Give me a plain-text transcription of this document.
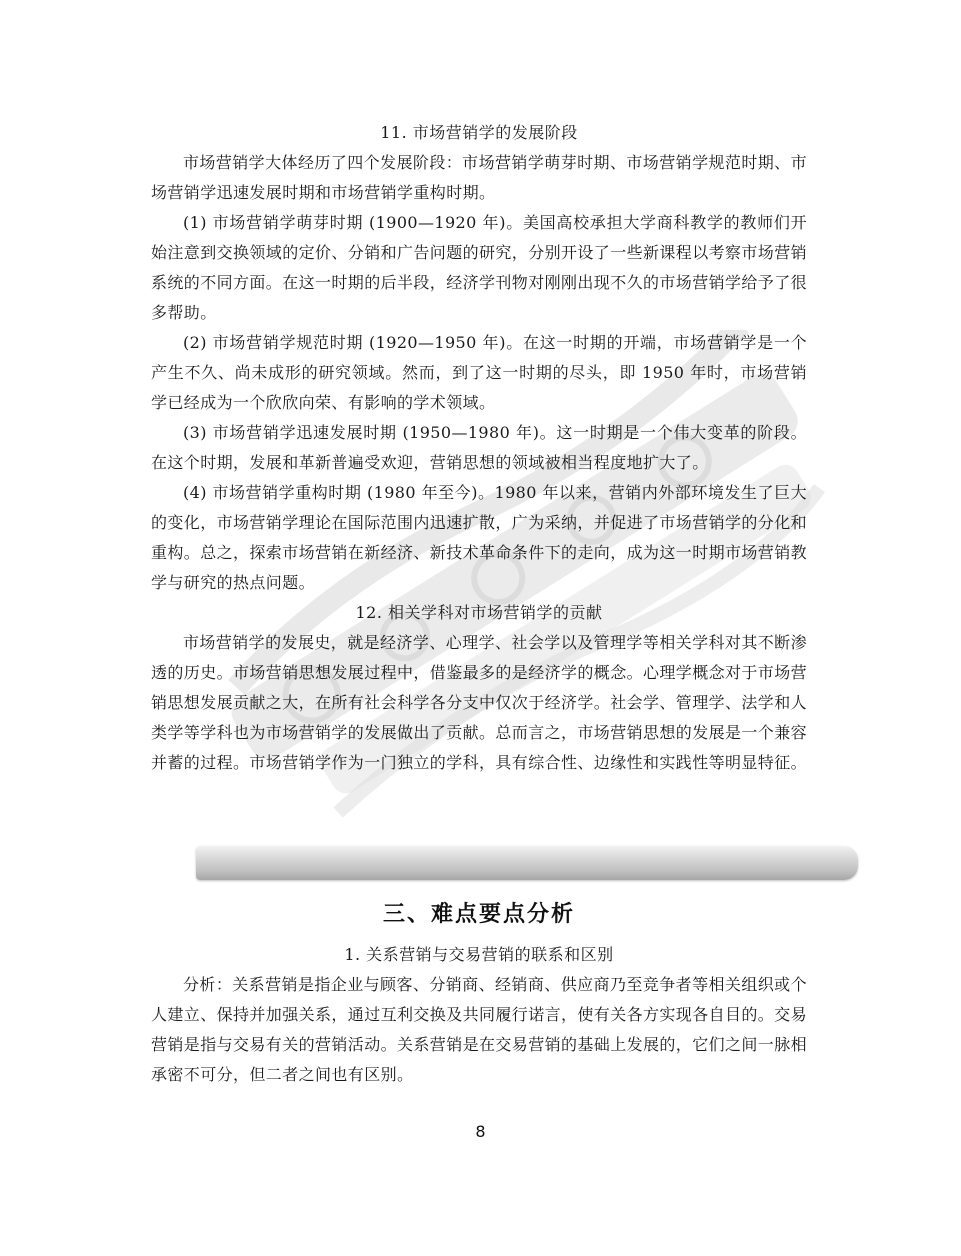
11. 市场营销学的发展阶段

市场营销学大体经历了四个发展阶段：市场营销学萌芽时期、市场营销学规范时期、市场营销学迅速发展时期和市场营销学重构时期。

(1) 市场营销学萌芽时期 (1900—1920 年)。美国高校承担大学商科教学的教师们开始注意到交换领域的定价、分销和广告问题的研究，分别开设了一些新课程以考察市场营销系统的不同方面。在这一时期的后半段，经济学刊物对刚刚出现不久的市场营销学给予了很多帮助。

(2) 市场营销学规范时期 (1920—1950 年)。在这一时期的开端，市场营销学是一个产生不久、尚未成形的研究领域。然而，到了这一时期的尽头，即 1950 年时，市场营销学已经成为一个欣欣向荣、有影响的学术领域。

(3) 市场营销学迅速发展时期 (1950—1980 年)。这一时期是一个伟大变革的阶段。在这个时期，发展和革新普遍受欢迎，营销思想的领域被相当程度地扩大了。

(4) 市场营销学重构时期 (1980 年至今)。1980 年以来，营销内外部环境发生了巨大的变化，市场营销学理论在国际范围内迅速扩散，广为采纳，并促进了市场营销学的分化和重构。总之，探索市场营销在新经济、新技术革命条件下的走向，成为这一时期市场营销教学与研究的热点问题。

12. 相关学科对市场营销学的贡献

市场营销学的发展史，就是经济学、心理学、社会学以及管理学等相关学科对其不断渗透的历史。市场营销思想发展过程中，借鉴最多的是经济学的概念。心理学概念对于市场营销思想发展贡献之大，在所有社会科学各分支中仅次于经济学。社会学、管理学、法学和人类学等学科也为市场营销学的发展做出了贡献。总而言之，市场营销思想的发展是一个兼容并蓄的过程。市场营销学作为一门独立的学科，具有综合性、边缘性和实践性等明显特征。

三、难点要点分析

1. 关系营销与交易营销的联系和区别

分析：关系营销是指企业与顾客、分销商、经销商、供应商乃至竞争者等相关组织或个人建立、保持并加强关系，通过互利交换及共同履行诺言，使有关各方实现各自目的。交易营销是指与交易有关的营销活动。关系营销是在交易营销的基础上发展的，它们之间一脉相承密不可分，但二者之间也有区别。

8
